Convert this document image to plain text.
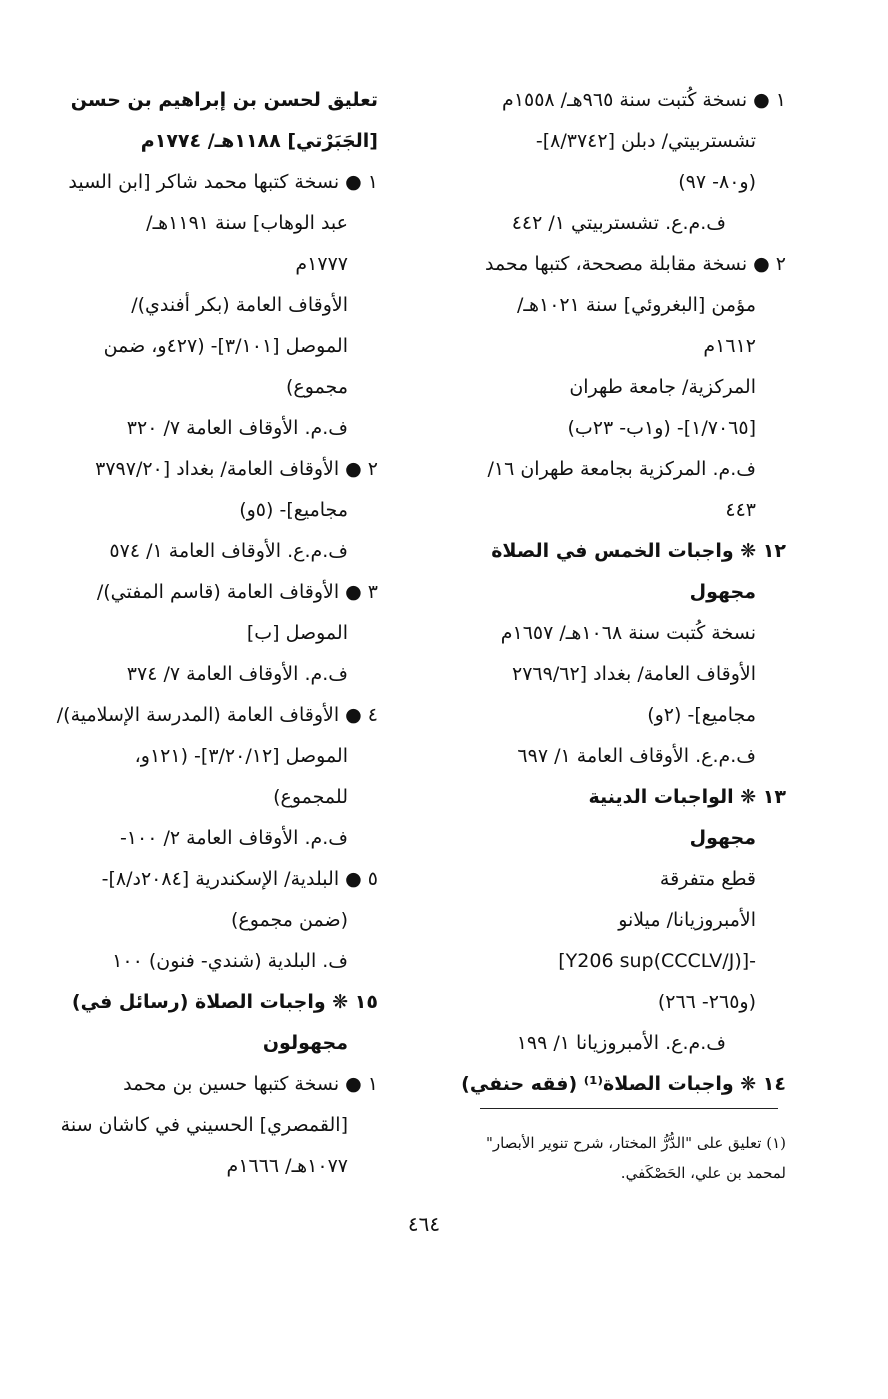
١ ● نسخة كُتبت سنة ٩٦٥هـ/ ١٥٥٨م
تشستربيتي/ دبلن [٨/٣٧٤٢]-
(و٨٠- ٩٧)
ف.م.ع. تشستربيتي ١/ ٤٤٢
٢ ● نسخة مقابلة مصححة، كتبها محمد
مؤمن [البغروئي] سنة ١٠٢١هـ/
١٦١٢م
المركزية/ جامعة طهران
[١/٧٠٦٥]- (و١ب- ٢٣ب)
ف.م. المركزية بجامعة طهران ١٦/
٤٤٣
١٢ ❋ واجبات الخمس في الصلاة
مجهول
نسخة كُتبت سنة ١٠٦٨هـ/ ١٦٥٧م
الأوقاف العامة/ بغداد [٢٧٦٩/٦٢
مجاميع]- (٢و)
ف.م.ع. الأوقاف العامة ١/ ٦٩٧
١٣ ❋ الواجبات الدينية
مجهول
قطع متفرقة
الأمبروزيانا/ ميلانو
-[(CCCLV/J)Y206 sup]
(و٢٦٥- ٢٦٦)
ف.م.ع. الأمبروزيانا ١/ ١٩٩
١٤ ❋ واجبات الصلاة⁽¹⁾ (فقه حنفي)
تعليق لحسن بن إبراهيم بن حسن
[الجَبَرْتي] ١١٨٨هـ/ ١٧٧٤م
١ ● نسخة كتبها محمد شاكر [ابن السيد
عبد الوهاب] سنة ١١٩١هـ/
١٧٧٧م
الأوقاف العامة (بكر أفندي)/
الموصل [٣/١٠١]- (٤٢٧و، ضمن
مجموع)
ف.م. الأوقاف العامة ٧/ ٣٢٠
٢ ● الأوقاف العامة/ بغداد [٣٧٩٧/٢٠
مجاميع]- (٥و)
ف.م.ع. الأوقاف العامة ١/ ٥٧٤
٣ ● الأوقاف العامة (قاسم المفتي)/
الموصل [ب]
ف.م. الأوقاف العامة ٧/ ٣٧٤
٤ ● الأوقاف العامة (المدرسة الإسلامية)/
الموصل [٣/٢٠/١٢]- (١٢١و،
للمجموع)
ف.م. الأوقاف العامة ٢/ ١٠٠-
٥ ● البلدية/ الإسكندرية [٢٠٨٤د/٨]-
(ضمن مجموع)
ف. البلدية (شندي- فنون) ١٠٠
١٥ ❋ واجبات الصلاة (رسائل في)
مجهولون
١ ● نسخة كتبها حسين بن محمد
[القمصري] الحسيني في كاشان سنة
١٠٧٧هـ/ ١٦٦٦م
(١) تعليق على "الدُّرُّ المختار، شرح تنوير الأبصار"
لمحمد بن علي، الحَصْكَفي.
٤٦٤
